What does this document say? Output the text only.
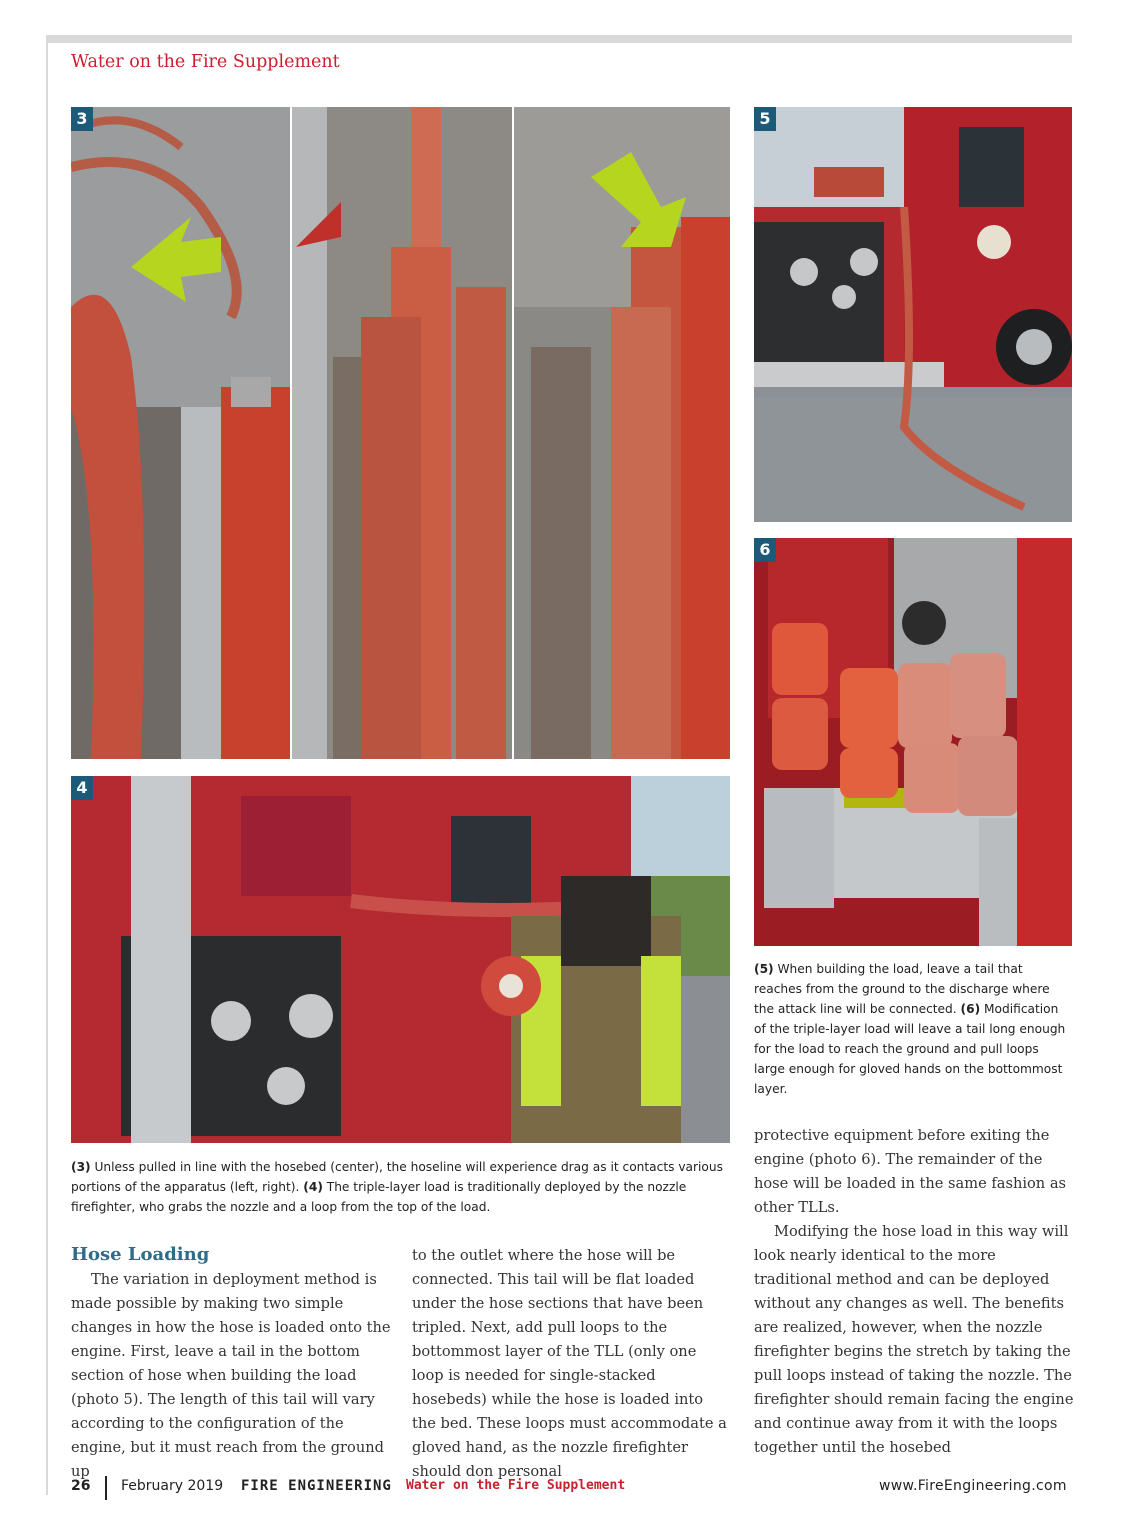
Water on the Fire Supplement
3	5
6
4
(5) When building the load, leave a tail that reaches from the ground to the discharge where the attack line will be connected. (6) Modification of the triple-layer load will leave a tail long enough for the load to reach the ground and pull loops large enough for gloved hands on the bottommost layer.
(3) Unless pulled in line with the hosebed (center), the hoseline will experience drag as it contacts various portions of the apparatus (left, right). (4) The triple-layer load is traditionally deployed by the nozzle firefighter, who grabs the nozzle and a loop from the top of the load.
Hose Loading

The variation in deployment method is made possible by making two simple changes in how the hose is loaded onto the engine. First, leave a tail in the bottom section of hose when building the load (photo 5). The length of this tail will vary according to the configuration of the engine, but it must reach from the ground up

to the outlet where the hose will be connected. This tail will be flat loaded under the hose sections that have been tripled. Next, add pull loops to the bottommost layer of the TLL (only one loop is needed for single-stacked hosebeds) while the hose is loaded into the bed. These loops must accommodate a gloved hand, as the nozzle firefighter should don personal

protective equipment before exiting the engine (photo 6). The remainder of the hose will be loaded in the same fashion as other TLLs.

Modifying the hose load in this way will look nearly identical to the more traditional method and can be deployed without any changes as well. The benefits are realized, however, when the nozzle firefighter begins the stretch by taking the pull loops instead of taking the nozzle. The firefighter should remain facing the engine and continue away from it with the loops together until the hosebed

26 February 2019 FIRE ENGINEERING Water on the Fire Supplement	www.FireEngineering.com
